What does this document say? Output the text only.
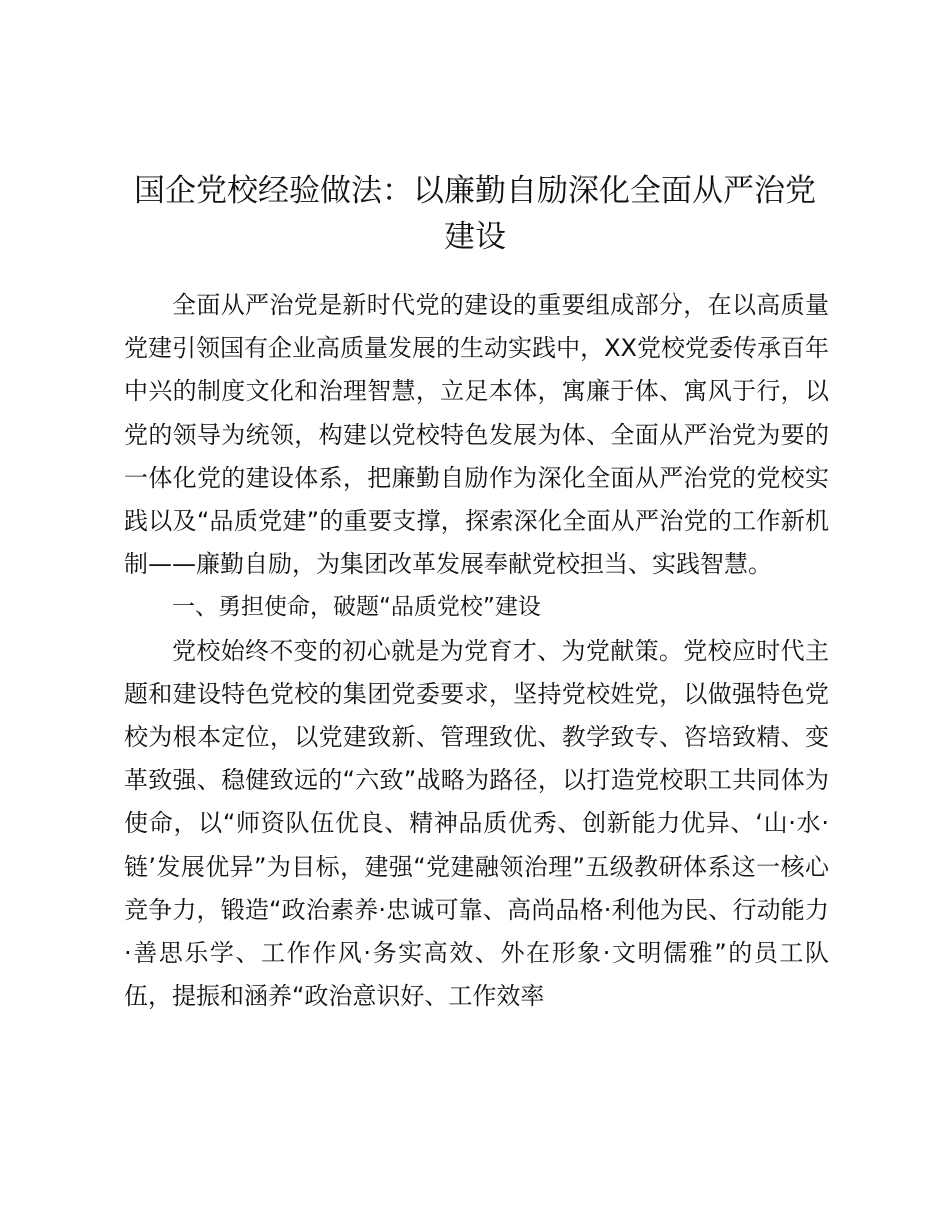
国企党校经验做法：以廉勤自励深化全面从严治党建设

全面从严治党是新时代党的建设的重要组成部分，在以高质量党建引领国有企业高质量发展的生动实践中，XX党校党委传承百年中兴的制度文化和治理智慧，立足本体，寓廉于体、寓风于行，以党的领导为统领，构建以党校特色发展为体、全面从严治党为要的一体化党的建设体系，把廉勤自励作为深化全面从严治党的党校实践以及“品质党建”的重要支撑，探索深化全面从严治党的工作新机制——廉勤自励，为集团改革发展奉献党校担当、实践智慧。

一、勇担使命，破题“品质党校”建设

党校始终不变的初心就是为党育才、为党献策。党校应时代主题和建设特色党校的集团党委要求，坚持党校姓党，以做强特色党校为根本定位，以党建致新、管理致优、教学致专、咨培致精、变革致强、稳健致远的“六致”战略为路径，以打造党校职工共同体为使命，以“师资队伍优良、精神品质优秀、创新能力优异、‘山·水·链’发展优异”为目标，建强“党建融领治理”五级教研体系这一核心竞争力，锻造“政治素养·忠诚可靠、高尚品格·利他为民、行动能力·善思乐学、工作作风·务实高效、外在形象·文明儒雅”的员工队伍，提振和涵养“政治意识好、工作效率
